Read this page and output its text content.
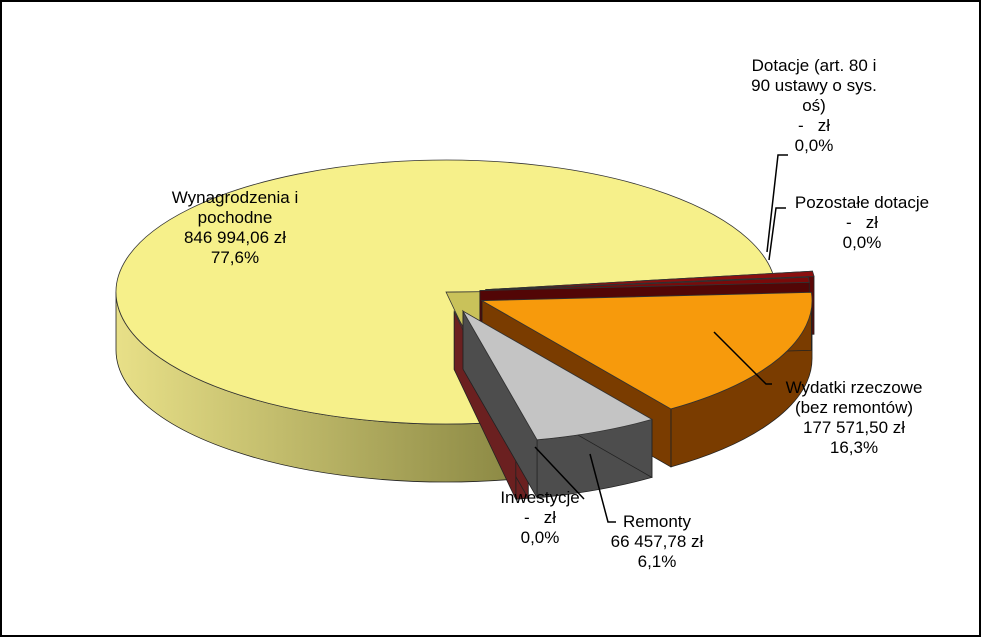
Wynagrodzenia i
pochodne
846 994,06 zł
77,6%
Dotacje (art. 80 i
90 ustawy o sys.
oś)
-   zł
0,0%
Pozostałe dotacje
-   zł
0,0%
Wydatki rzeczowe
(bez remontów)
177 571,50 zł
16,3%
Remonty
66 457,78 zł
6,1%
Inwestycje
-   zł
0,0%
